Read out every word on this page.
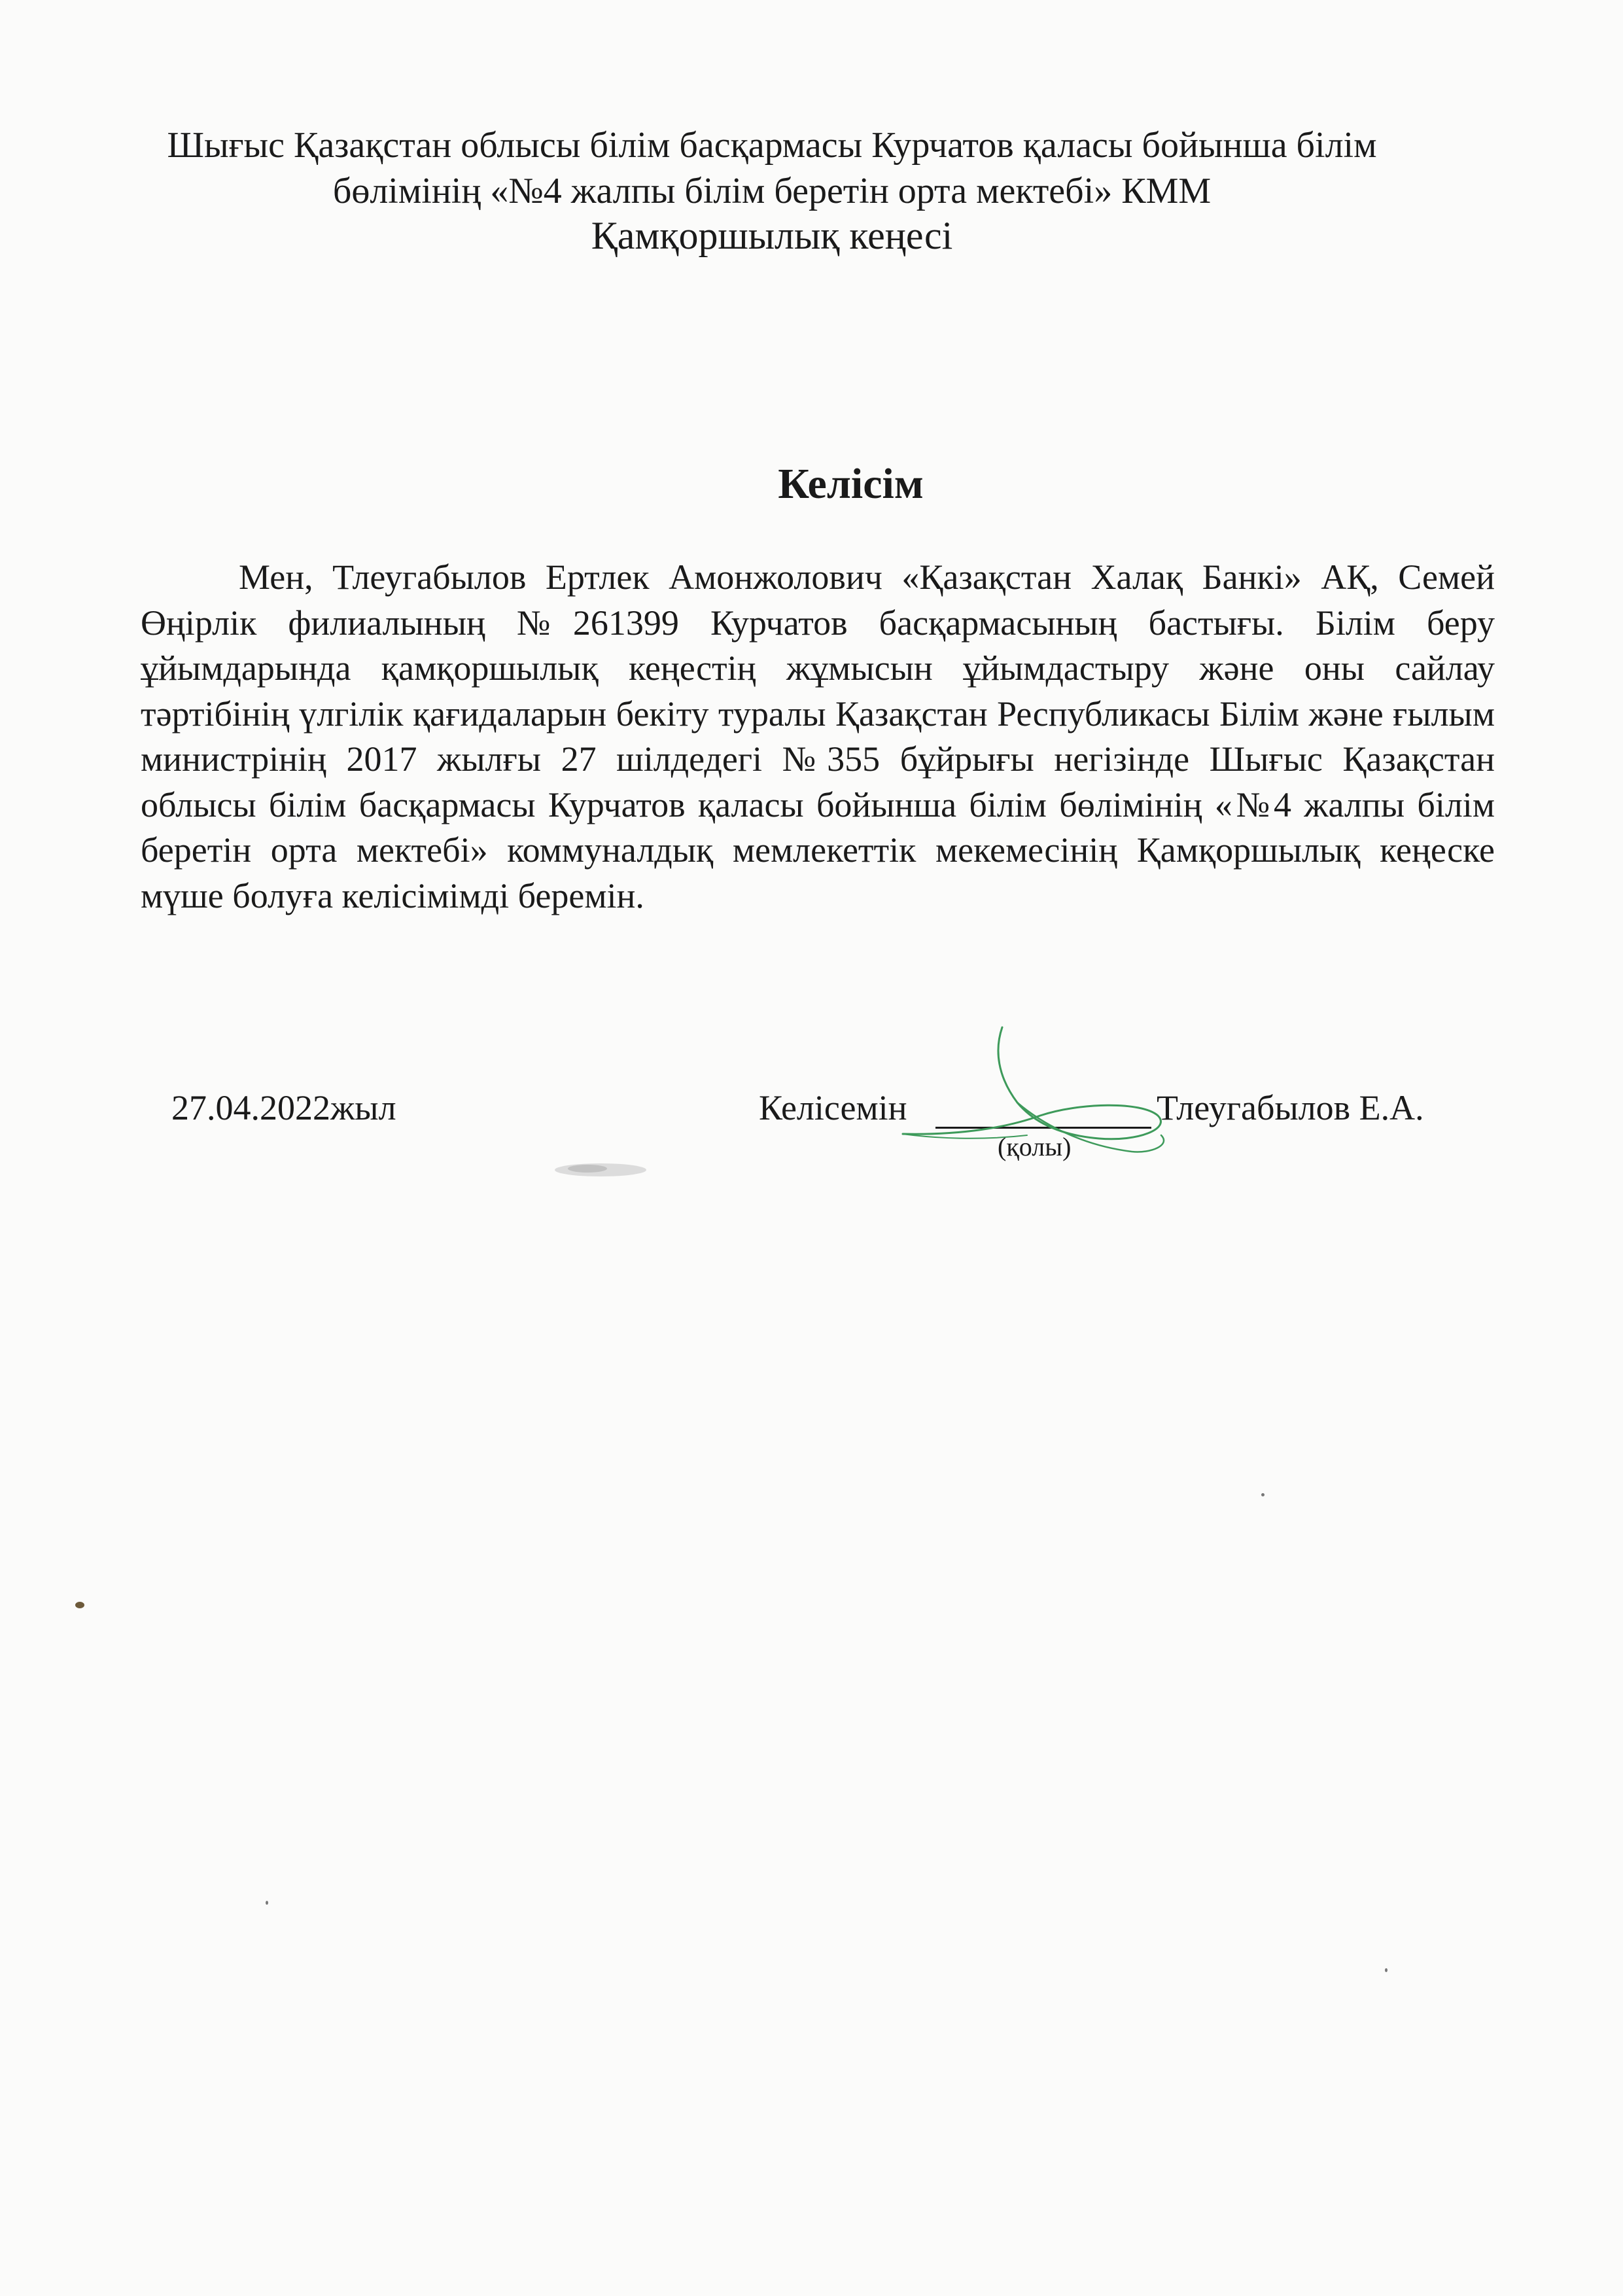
Шығыс Қазақстан облысы білім басқармасы Курчатов қаласы бойынша білім
бөлімінің «№4 жалпы білім беретін орта мектебі» КММ
Қамқоршылық кеңесі
Келісім
Мен, Тлеугабылов Ертлек Амонжолович «Қазақстан Халақ Банкі» АҚ, Семей Өңірлік филиалының №261399 Курчатов басқармасының бастығы. Білім беру ұйымдарында қамқоршылық кеңестің жұмысын ұйымдастыру және оны сайлау тәртібінің үлгілік қағидаларын бекіту туралы Қазақстан Республикасы Білім және ғылым министрінің 2017 жылғы 27 шілдедегі №355 бұйрығы негізінде Шығыс Қазақстан облысы білім басқармасы Курчатов қаласы бойынша білім бөлімінің «№4 жалпы білім беретін орта мектебі» коммуналдық мемлекеттік мекемесінің Қамқоршылық кеңеске мүше болуға келісімімді беремін.
27.04.2022жыл	Келісемін
(қолы)
Тлеугабылов Е.А.
